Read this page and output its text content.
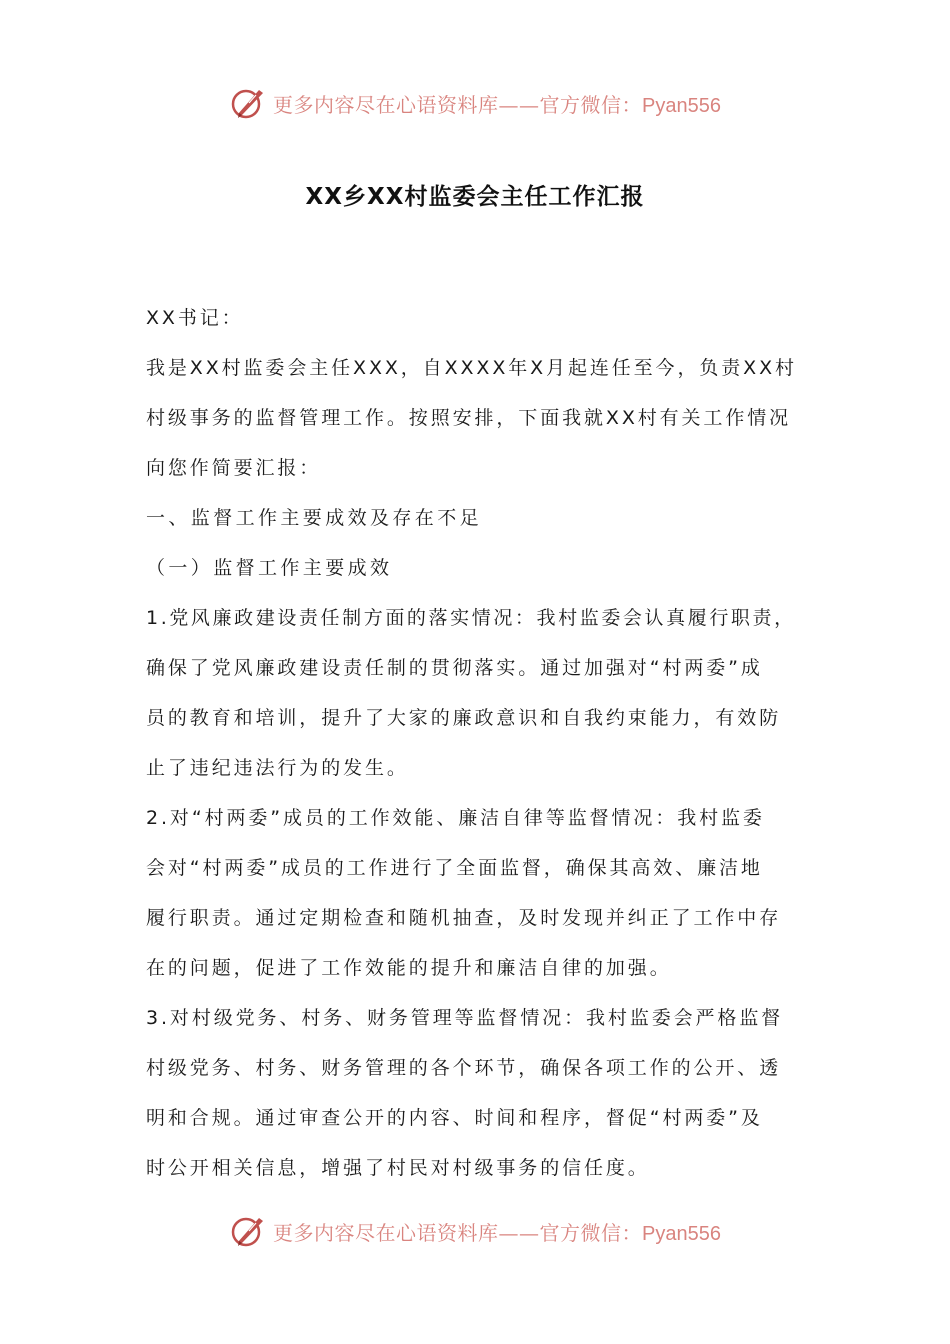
更多内容尽在心语资料库——官方微信：Pyan556
XX乡XX村监委会主任工作汇报
XX书记：
我是XX村监委会主任XXX，自XXXX年X月起连任至今，负责XX村
村级事务的监督管理工作。按照安排，下面我就XX村有关工作情况
向您作简要汇报：
一、监督工作主要成效及存在不足
（一）监督工作主要成效
1.党风廉政建设责任制方面的落实情况：我村监委会认真履行职责，
确保了党风廉政建设责任制的贯彻落实。通过加强对“村两委”成
员的教育和培训，提升了大家的廉政意识和自我约束能力，有效防
止了违纪违法行为的发生。
2.对“村两委”成员的工作效能、廉洁自律等监督情况：我村监委
会对“村两委”成员的工作进行了全面监督，确保其高效、廉洁地
履行职责。通过定期检查和随机抽查，及时发现并纠正了工作中存
在的问题，促进了工作效能的提升和廉洁自律的加强。
3.对村级党务、村务、财务管理等监督情况：我村监委会严格监督
村级党务、村务、财务管理的各个环节，确保各项工作的公开、透
明和合规。通过审查公开的内容、时间和程序，督促“村两委”及
时公开相关信息，增强了村民对村级事务的信任度。
更多内容尽在心语资料库——官方微信：Pyan556
